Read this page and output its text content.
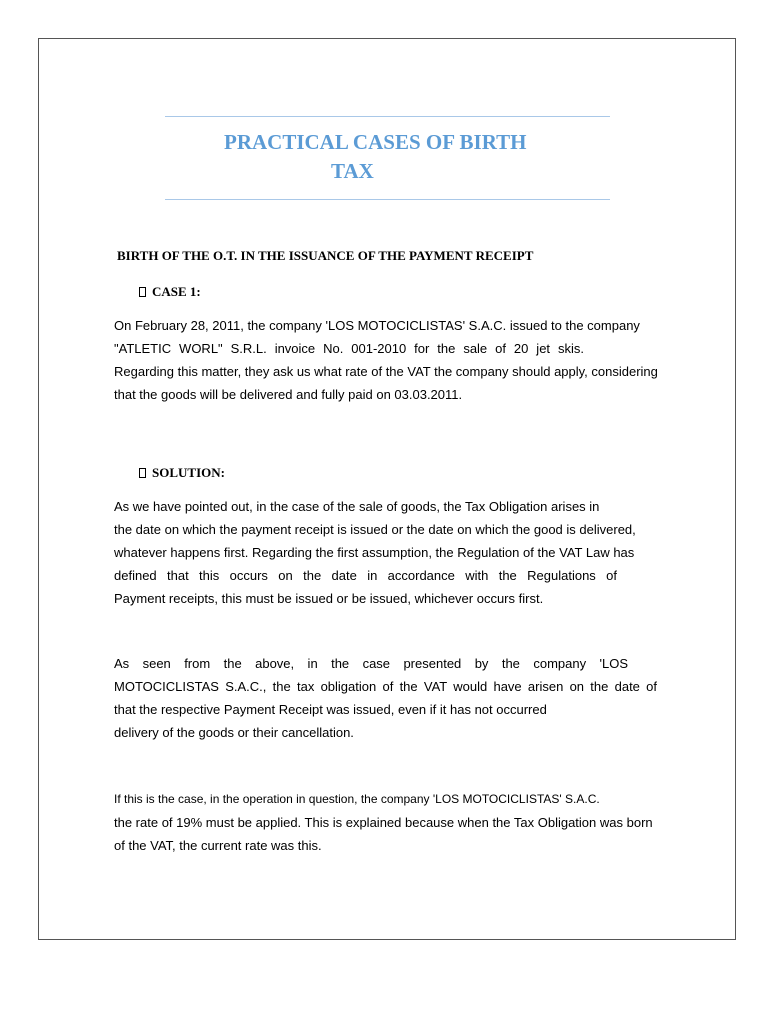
PRACTICAL CASES OF BIRTH
TAX
BIRTH OF THE O.T. IN THE ISSUANCE OF THE PAYMENT RECEIPT
CASE 1:
On February 28, 2011, the company 'LOS MOTOCICLISTAS' S.A.C. issued to the company
"ATLETIC WORL" S.R.L. invoice No. 001-2010 for the sale of 20 jet skis.
Regarding this matter, they ask us what rate of the VAT the company should apply, considering
that the goods will be delivered and fully paid on 03.03.2011.
SOLUTION:
As we have pointed out, in the case of the sale of goods, the Tax Obligation arises in
the date on which the payment receipt is issued or the date on which the good is delivered,
whatever happens first. Regarding the first assumption, the Regulation of the VAT Law has
defined that this occurs on the date in accordance with the Regulations of
Payment receipts, this must be issued or be issued, whichever occurs first.
As seen from the above, in the case presented by the company 'LOS
MOTOCICLISTAS S.A.C., the tax obligation of the VAT would have arisen on the date of
that the respective Payment Receipt was issued, even if it has not occurred
delivery of the goods or their cancellation.
If this is the case, in the operation in question, the company 'LOS MOTOCICLISTAS' S.A.C.
the rate of 19% must be applied. This is explained because when the Tax Obligation was born
of the VAT, the current rate was this.
